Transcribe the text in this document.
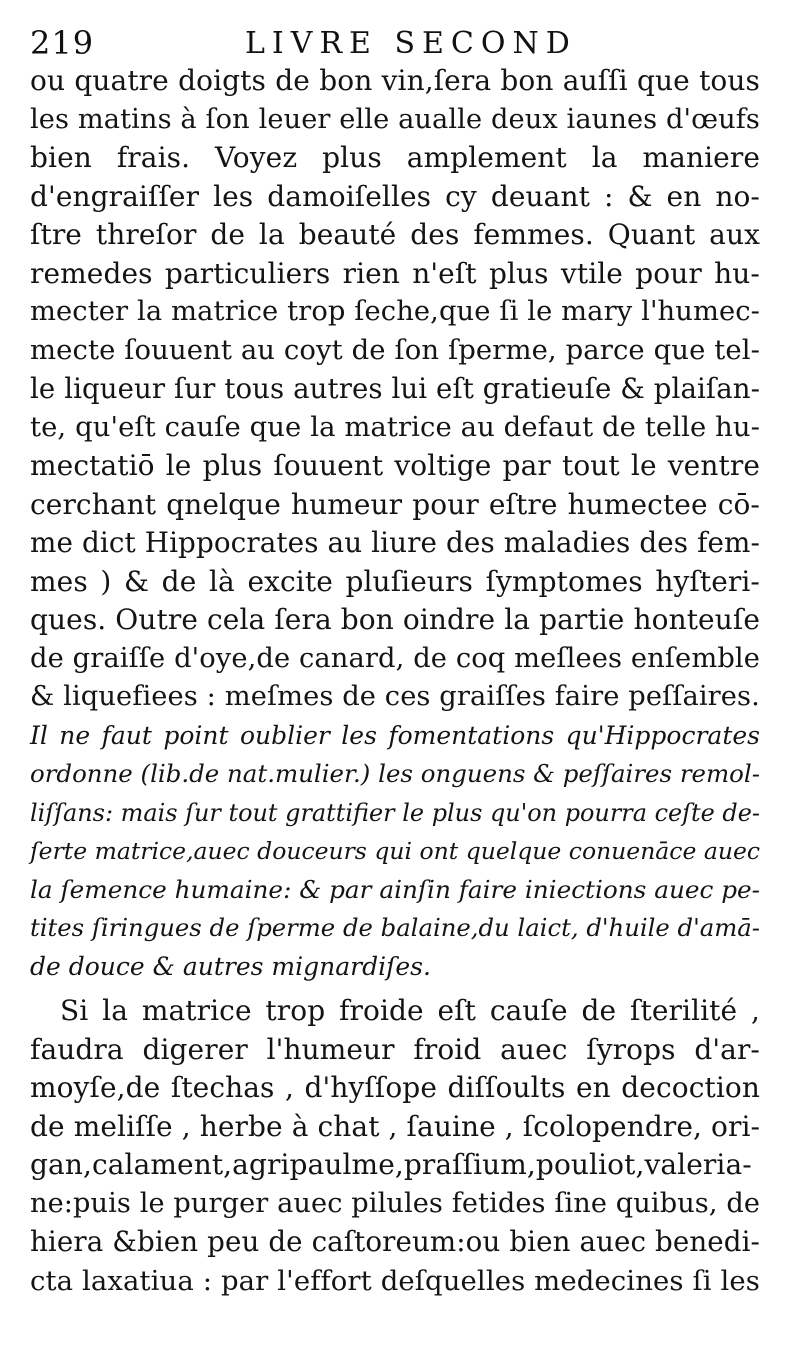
219	LIVRE SECOND
ou quatre doigts de bon vin,ſera bon auſſi que tous
les matins à ſon leuer elle aualle deux iaunes d'œufs
bien frais. Voyez plus amplement la maniere
d'engraiſſer les damoiſelles cy deuant : & en no-
ſtre threſor de la beauté des femmes. Quant aux
remedes particuliers rien n'eſt plus vtile pour hu-
mecter la matrice trop ſeche,que ſi le mary l'humec-
mecte ſouuent au coyt de ſon ſperme, parce que tel-
le liqueur ſur tous autres lui eſt gratieuſe & plaiſan-
te, qu'eſt cauſe que la matrice au defaut de telle hu-
mectatiō le plus ſouuent voltige par tout le ventre
cerchant qnelque humeur pour eſtre humectee cō-
me dict Hippocrates au liure des maladies des fem-
mes ) & de là excite pluſieurs ſymptomes hyſteri-
ques. Outre cela ſera bon oindre la partie honteuſe
de graiſſe d'oye,de canard, de coq meſlees enſemble
& liquefiees : meſmes de ces graiſſes faire peſſaires.
Il ne faut point oublier les fomentations qu'Hippocrates
ordonne (lib.de nat.mulier.) les onguens & peſſaires remol-
liſſans: mais ſur tout grattifier le plus qu'on pourra ceſte de-
ſerte matrice,auec douceurs qui ont quelque conuenāce auec
la ſemence humaine: & par ainſin faire iniections auec pe-
tites ſiringues de ſperme de balaine,du laict, d'huile d'amā-
de douce & autres mignardiſes.
Si la matrice trop froide eſt cauſe de ſterilité ,
faudra digerer l'humeur froid auec ſyrops d'ar-
moyſe,de ſtechas , d'hyſſope diſſoults en decoction
de meliſſe , herbe à chat , ſauine , ſcolopendre, ori-
gan,calament,agripaulme,praſſium,pouliot,valeria-
ne:puis le purger auec pilules fetides ſine quibus, de
hiera &bien peu de caſtoreum:ou bien auec benedi-
cta laxatiua : par l'effort deſquelles medecines ſi les
